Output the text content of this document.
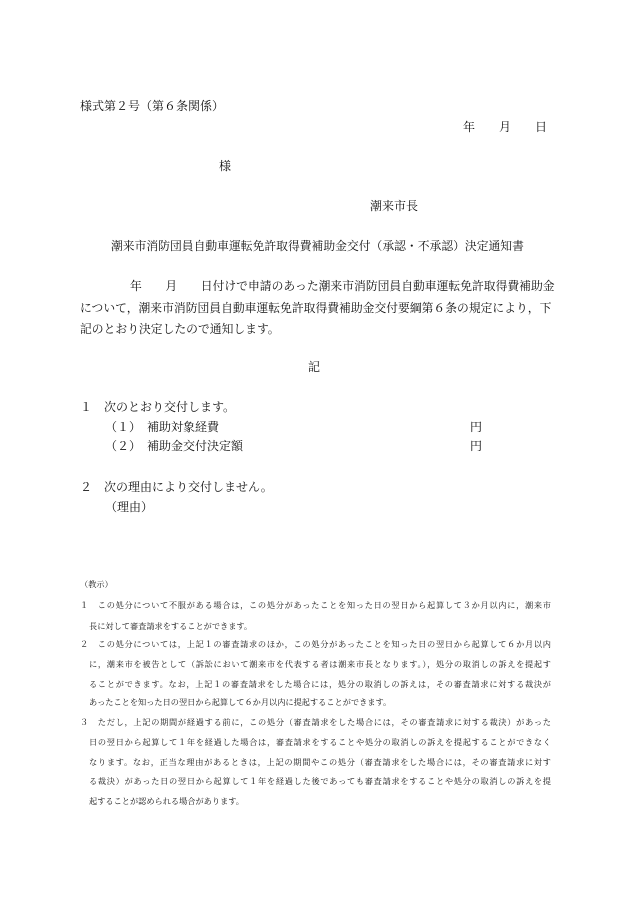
様式第２号（第６条関係）
年　　月　　日
様
潮来市長
潮来市消防団員自動車運転免許取得費補助金交付（承認・不承認）決定通知書
年　　月　　日付けで申請のあった潮来市消防団員自動車運転免許取得費補助金
について，潮来市消防団員自動車運転免許取得費補助金交付要綱第６条の規定により，下
記のとおり決定したので通知します。
記
１　次のとおり交付します。
（１）　補助対象経費	円
（２）　補助金交付決定額	円
２　次の理由により交付しません。
（理由）
（教示）
１　この処分について不服がある場合は，この処分があったことを知った日の翌日から起算して３か月以内に，潮来市
長に対して審査請求をすることができます。
２　この処分については，上記１の審査請求のほか，この処分があったことを知った日の翌日から起算して６か月以内
に，潮来市を被告として（訴訟において潮来市を代表する者は潮来市長となります。），処分の取消しの訴えを提起す
ることができます。なお，上記１の審査請求をした場合には，処分の取消しの訴えは，その審査請求に対する裁決が
あったことを知った日の翌日から起算して６か月以内に提起することができます。
３　ただし，上記の期間が経過する前に，この処分（審査請求をした場合には，その審査請求に対する裁決）があった
日の翌日から起算して１年を経過した場合は，審査請求をすることや処分の取消しの訴えを提起することができなく
なります。なお，正当な理由があるときは，上記の期間やこの処分（審査請求をした場合には，その審査請求に対す
る裁決）があった日の翌日から起算して１年を経過した後であっても審査請求をすることや処分の取消しの訴えを提
起することが認められる場合があります。
